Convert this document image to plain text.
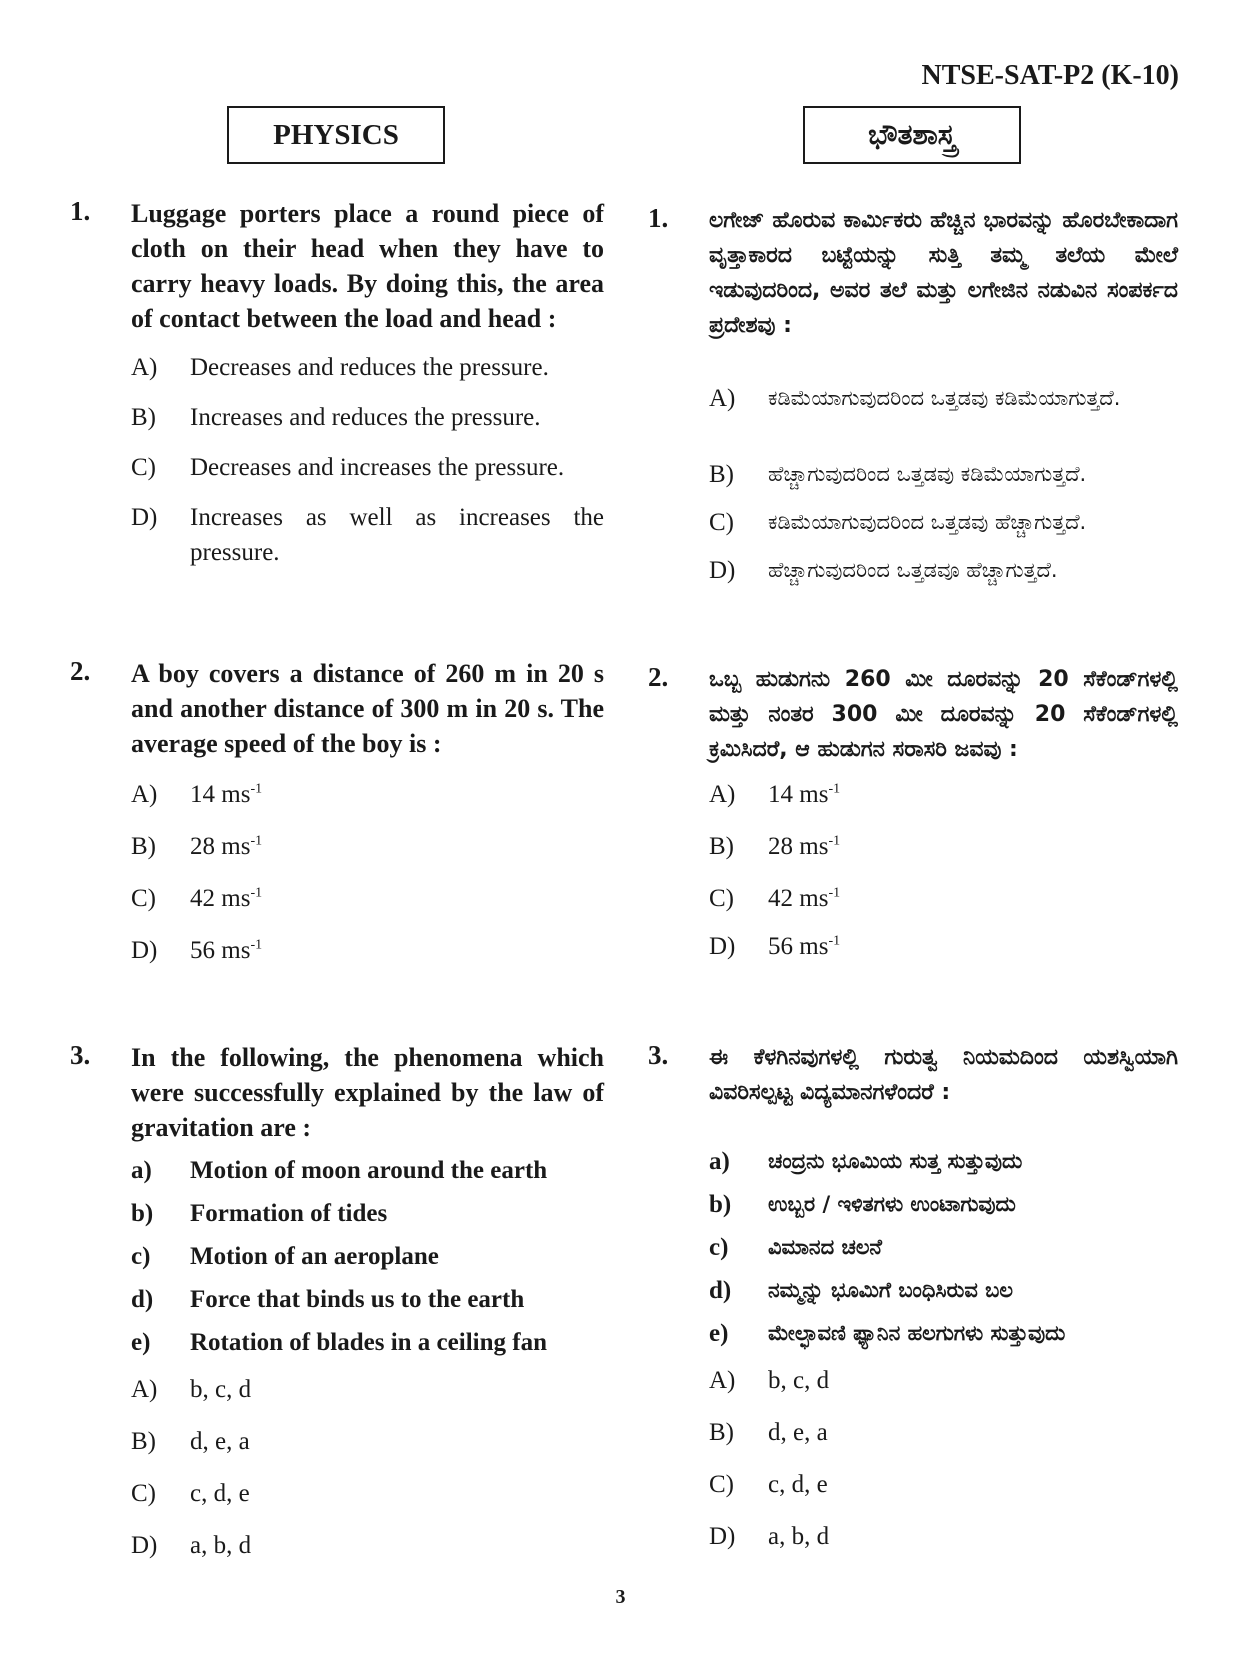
NTSE-SAT-P2 (K-10)
PHYSICS	ಭೌತಶಾಸ್ತ್ರ
1.	Luggage porters place a round piece of cloth on their head when they have to carry heavy loads. By doing this, the area of contact between the load and head :
A)	Decreases and reduces the pressure.
B)	Increases and reduces the pressure.
C)	Decreases and increases the pressure.
D)	Increases as well as increases the pressure.
2.	A boy covers a distance of 260 m in 20 s and another distance of 300 m in 20 s. The average speed of the boy is :
A)	14 $ms^{-1}$
B)	28 $ms^{-1}$
C)	42 $ms^{-1}$
D)	56 $ms^{-1}$
3.	In the following, the phenomena which were successfully explained by the law of gravitation are :
a)	Motion of moon around the earth
b)	Formation of tides
c)	Motion of an aeroplane
d)	Force that binds us to the earth
e)	Rotation of blades in a ceiling fan
A)	b, c, d
B)	d, e, a
C)	c, d, e
D)	a, b, d
1.	ಲಗೇಜ್ ಹೊರುವ ಕಾರ್ಮಿಕರು ಹೆಚ್ಚಿನ ಭಾರವನ್ನು ಹೊರಬೇಕಾದಾಗ ವೃತ್ತಾಕಾರದ ಬಟ್ಟೆಯನ್ನು ಸುತ್ತಿ ತಮ್ಮ ತಲೆಯ ಮೇಲೆ ಇಡುವುದರಿಂದ, ಅವರ ತಲೆ ಮತ್ತು ಲಗೇಜಿನ ನಡುವಿನ ಸಂಪರ್ಕದ ಪ್ರದೇಶವು :
A)	ಕಡಿಮೆಯಾಗುವುದರಿಂದ ಒತ್ತಡವು ಕಡಿಮೆಯಾಗುತ್ತದೆ.
B)	ಹೆಚ್ಚಾಗುವುದರಿಂದ ಒತ್ತಡವು ಕಡಿಮೆಯಾಗುತ್ತದೆ.
C)	ಕಡಿಮೆಯಾಗುವುದರಿಂದ ಒತ್ತಡವು ಹೆಚ್ಚಾಗುತ್ತದೆ.
D)	ಹೆಚ್ಚಾಗುವುದರಿಂದ ಒತ್ತಡವೂ ಹೆಚ್ಚಾಗುತ್ತದೆ.
2.	ಒಬ್ಬ ಹುಡುಗನು 260 ಮೀ ದೂರವನ್ನು 20 ಸೆಕೆಂಡ್‌ಗಳಲ್ಲಿ ಮತ್ತು ನಂತರ 300 ಮೀ ದೂರವನ್ನು 20 ಸೆಕೆಂಡ್‌ಗಳಲ್ಲಿ ಕ್ರಮಿಸಿದರೆ, ಆ ಹುಡುಗನ ಸರಾಸರಿ ಜವವು :
A)	14 $ms^{-1}$
B)	28 $ms^{-1}$
C)	42 $ms^{-1}$
D)	56 $ms^{-1}$
3.	ಈ ಕೆಳಗಿನವುಗಳಲ್ಲಿ ಗುರುತ್ವ ನಿಯಮದಿಂದ ಯಶಸ್ವಿಯಾಗಿ ವಿವರಿಸಲ್ಪಟ್ಟ ವಿದ್ಯಮಾನಗಳೆಂದರೆ :
a)	ಚಂದ್ರನು ಭೂಮಿಯ ಸುತ್ತ ಸುತ್ತುವುದು
b)	ಉಬ್ಬರ / ಇಳಿತಗಳು ಉಂಟಾಗುವುದು
c)	ವಿಮಾನದ ಚಲನೆ
d)	ನಮ್ಮನ್ನು ಭೂಮಿಗೆ ಬಂಧಿಸಿರುವ ಬಲ
e)	ಮೇಲ್ಛಾವಣಿ ಫ್ಯಾನಿನ ಹಲಗುಗಳು ಸುತ್ತುವುದು
A)	b, c, d
B)	d, e, a
C)	c, d, e
D)	a, b, d
3
